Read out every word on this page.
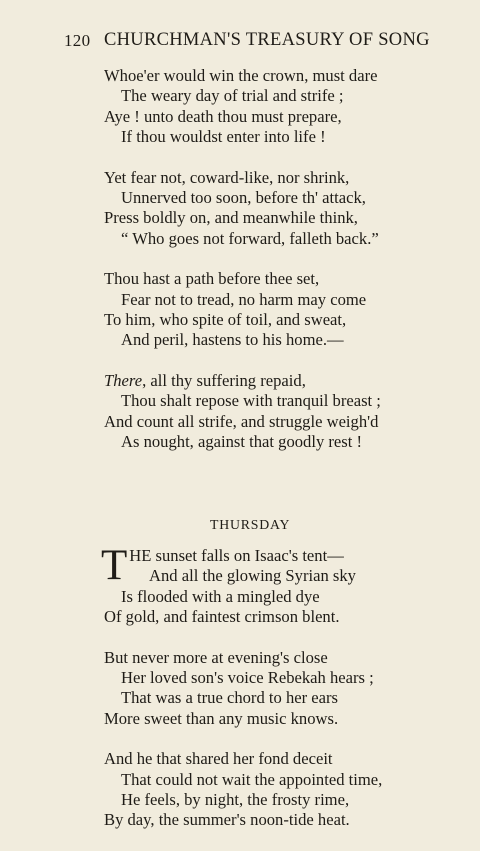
120 CHURCHMAN'S TREASURY OF SONG
Whoe'er would win the crown, must dare
The weary day of trial and strife ;
Aye ! unto death thou must prepare,
If thou wouldst enter into life !
Yet fear not, coward-like, nor shrink,
Unnerved too soon, before th' attack,
Press boldly on, and meanwhile think,
“ Who goes not forward, falleth back.”
Thou hast a path before thee set,
Fear not to tread, no harm may come
To him, who spite of toil, and sweat,
And peril, hastens to his home.—
There, all thy suffering repaid,
Thou shalt repose with tranquil breast ;
And count all strife, and struggle weigh'd
As nought, against that goodly rest !
THURSDAY
T HE sunset falls on Isaac's tent—
And all the glowing Syrian sky
Is flooded with a mingled dye
Of gold, and faintest crimson blent.
But never more at evening's close
Her loved son's voice Rebekah hears ;
That was a true chord to her ears
More sweet than any music knows.
And he that shared her fond deceit
That could not wait the appointed time,
He feels, by night, the frosty rime,
By day, the summer's noon-tide heat.
